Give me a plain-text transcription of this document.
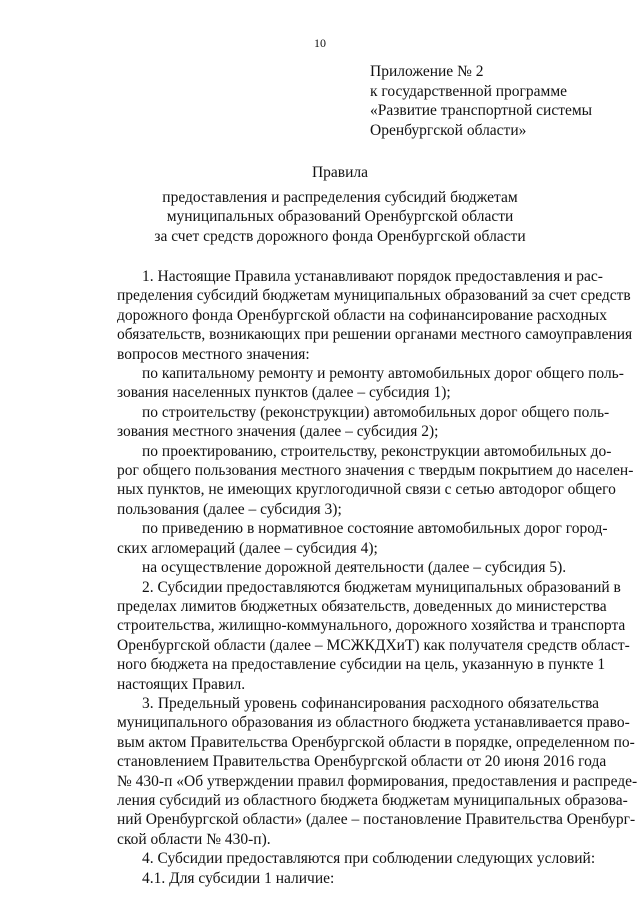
10
Приложение № 2
к государственной программе
«Развитие транспортной системы
Оренбургской области»
Правила
предоставления и распределения субсидий бюджетам
муниципальных образований Оренбургской области
за счет средств дорожного фонда Оренбургской области
1. Настоящие Правила устанавливают порядок предоставления и рас-
пределения субсидий бюджетам муниципальных образований за счет средств
дорожного фонда Оренбургской области на софинансирование расходных
обязательств, возникающих при решении органами местного самоуправления
вопросов местного значения:
по капитальному ремонту и ремонту автомобильных дорог общего поль-
зования населенных пунктов (далее – субсидия 1);
по строительству (реконструкции) автомобильных дорог общего поль-
зования местного значения (далее – субсидия 2);
по проектированию, строительству, реконструкции автомобильных до-
рог общего пользования местного значения с твердым покрытием до населен-
ных пунктов, не имеющих круглогодичной связи с сетью автодорог общего
пользования (далее – субсидия 3);
по приведению в нормативное состояние автомобильных дорог город-
ских агломераций (далее – субсидия 4);
на осуществление дорожной деятельности (далее – субсидия 5).
2. Субсидии предоставляются бюджетам муниципальных образований в
пределах лимитов бюджетных обязательств, доведенных до министерства
строительства, жилищно-коммунального, дорожного хозяйства и транспорта
Оренбургской области (далее – МСЖКДХиТ) как получателя средств област-
ного бюджета на предоставление субсидии на цель, указанную в пункте 1
настоящих Правил.
3. Предельный уровень софинансирования расходного обязательства
муниципального образования из областного бюджета устанавливается право-
вым актом Правительства Оренбургской области в порядке, определенном по-
становлением Правительства Оренбургской области от 20 июня 2016 года
№ 430-п «Об утверждении правил формирования, предоставления и распреде-
ления субсидий из областного бюджета бюджетам муниципальных образова-
ний Оренбургской области» (далее – постановление Правительства Оренбург-
ской области № 430-п).
4. Субсидии предоставляются при соблюдении следующих условий:
4.1. Для субсидии 1 наличие:
